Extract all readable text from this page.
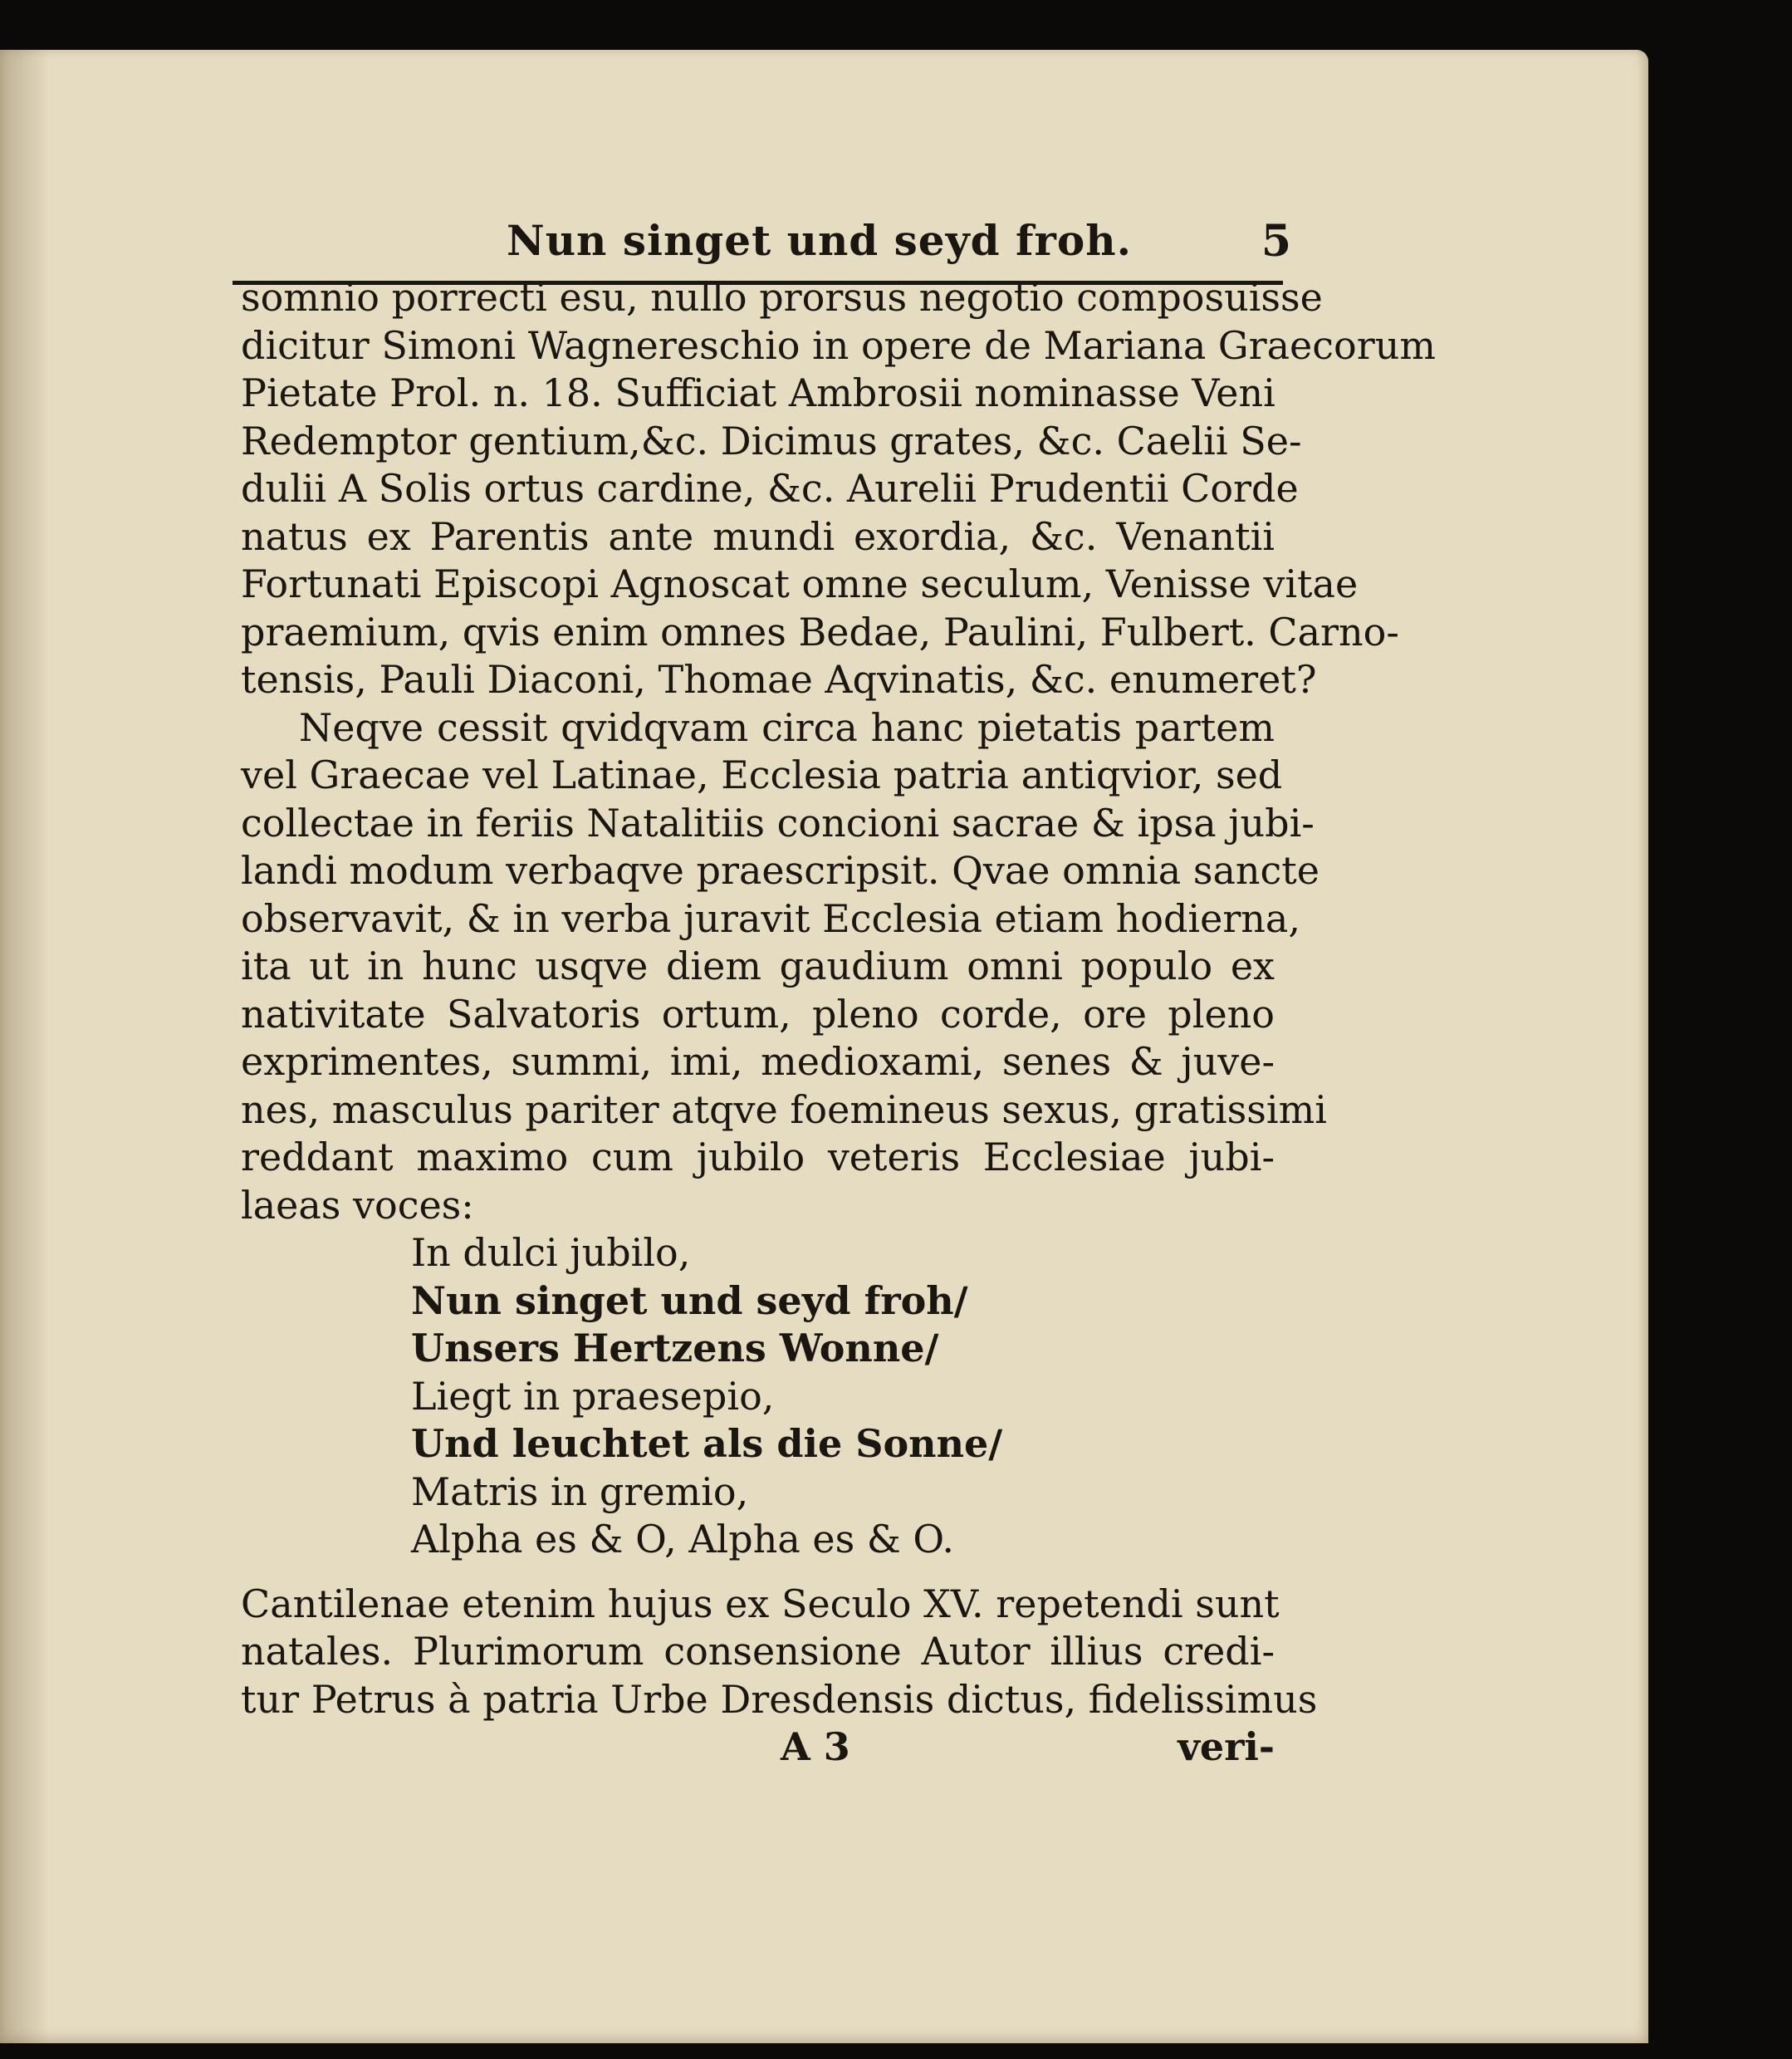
Nun singet und seyd froh.	5
somnio porrecti esu, nullo prorsus negotio composuisse
dicitur Simoni Wagnereschio in opere de Mariana Graecorum
Pietate Prol. n. 18. Sufficiat Ambrosii nominasse Veni
Redemptor gentium,&c. Dicimus grates, &c. Caelii Se-
dulii A Solis ortus cardine, &c. Aurelii Prudentii Corde
natus ex Parentis ante mundi exordia, &c. Venantii
Fortunati Episcopi Agnoscat omne seculum, Venisse vitae
praemium, qvis enim omnes Bedae, Paulini, Fulbert. Carno-
tensis, Pauli Diaconi, Thomae Aqvinatis, &c. enumeret?
Neqve cessit qvidqvam circa hanc pietatis partem
vel Graecae vel Latinae, Ecclesia patria antiqvior, sed
collectae in feriis Natalitiis concioni sacrae & ipsa jubi-
landi modum verbaqve praescripsit. Qvae omnia sancte
observavit, & in verba juravit Ecclesia etiam hodierna,
ita ut in hunc usqve diem gaudium omni populo ex
nativitate Salvatoris ortum, pleno corde, ore pleno
exprimentes, summi, imi, medioxami, senes & juve-
nes, masculus pariter atqve foemineus sexus, gratissimi
reddant maximo cum jubilo veteris Ecclesiae jubi-
laeas voces:
In dulci jubilo,
Nun singet und seyd froh/
Unsers Hertzens Wonne/
Liegt in praesepio,
Und leuchtet als die Sonne/
Matris in gremio,
Alpha es & O, Alpha es & O.
Cantilenae etenim hujus ex Seculo XV. repetendi sunt
natales. Plurimorum consensione Autor illius credi-
tur Petrus à patria Urbe Dresdensis dictus, fidelissimus
A 3	veri-
